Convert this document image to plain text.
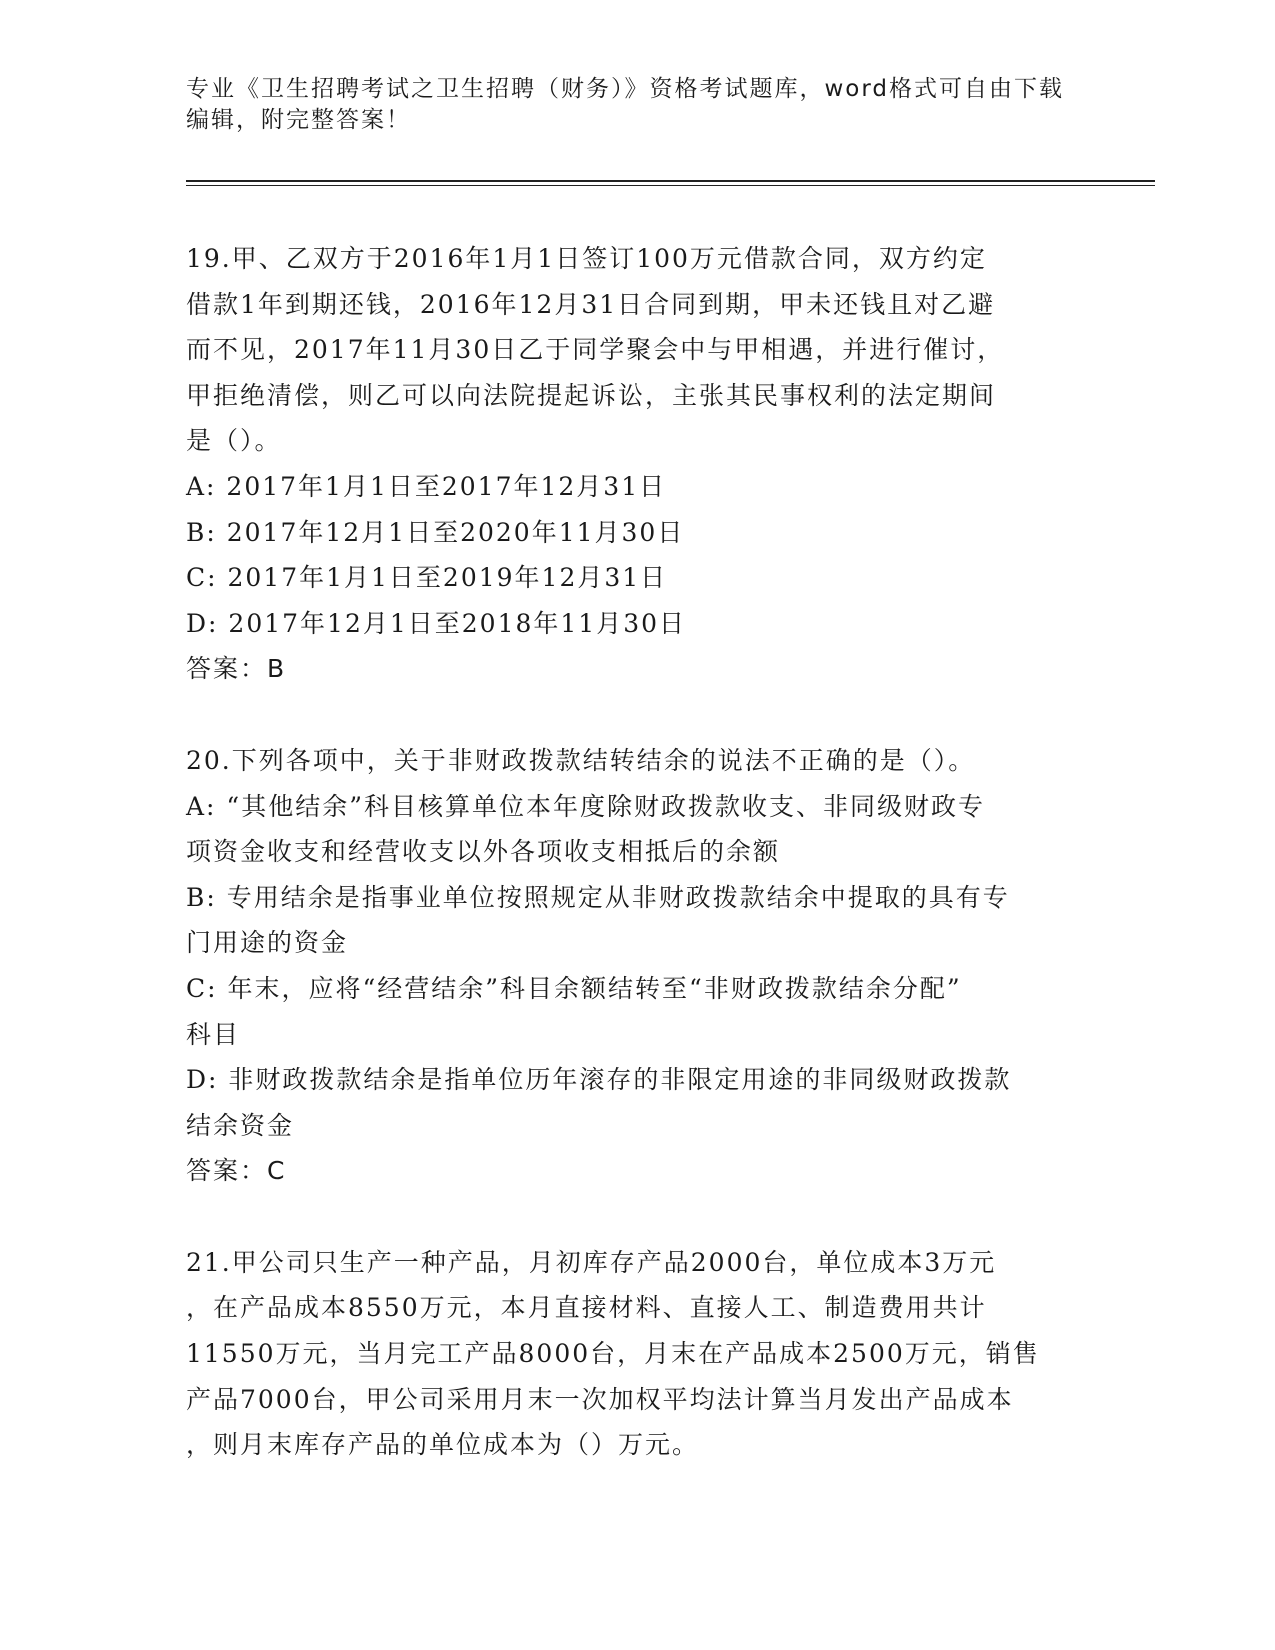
专业《卫生招聘考试之卫生招聘（财务）》资格考试题库，word格式可自由下载
编辑，附完整答案！
19.甲、乙双方于2016年1月1日签订100万元借款合同，双方约定
借款1年到期还钱，2016年12月31日合同到期，甲未还钱且对乙避
而不见，2017年11月30日乙于同学聚会中与甲相遇，并进行催讨，
甲拒绝清偿，则乙可以向法院提起诉讼，主张其民事权利的法定期间
是（）。
A: 2017年1月1日至2017年12月31日
B: 2017年12月1日至2020年11月30日
C: 2017年1月1日至2019年12月31日
D: 2017年12月1日至2018年11月30日
答案：B
20.下列各项中，关于非财政拨款结转结余的说法不正确的是（）。
A: “其他结余”科目核算单位本年度除财政拨款收支、非同级财政专
项资金收支和经营收支以外各项收支相抵后的余额
B: 专用结余是指事业单位按照规定从非财政拨款结余中提取的具有专
门用途的资金
C: 年末，应将“经营结余”科目余额结转至“非财政拨款结余分配”
科目
D: 非财政拨款结余是指单位历年滚存的非限定用途的非同级财政拨款
结余资金
答案：C
21.甲公司只生产一种产品，月初库存产品2000台，单位成本3万元
，在产品成本8550万元，本月直接材料、直接人工、制造费用共计
11550万元，当月完工产品8000台，月末在产品成本2500万元，销售
产品7000台，甲公司采用月末一次加权平均法计算当月发出产品成本
，则月末库存产品的单位成本为（）万元。
